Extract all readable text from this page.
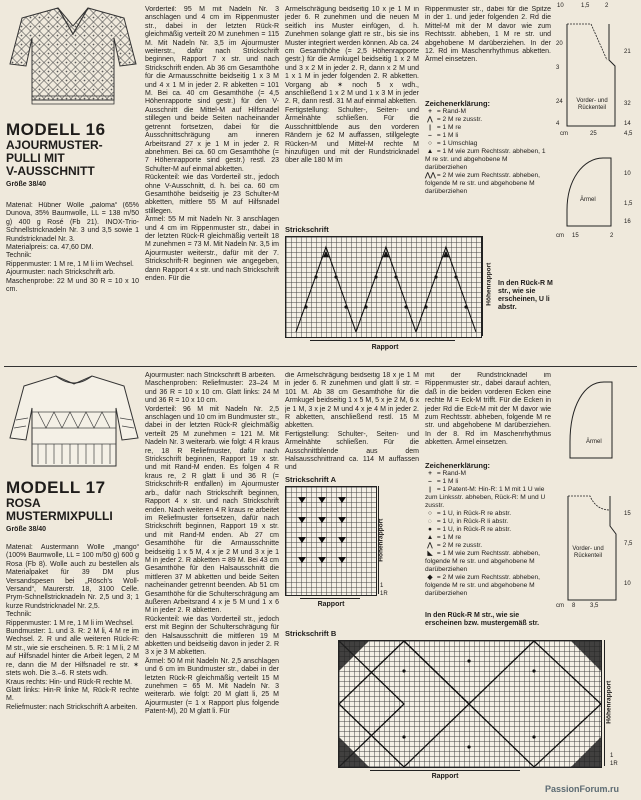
MODELL 16
AJOURMUSTER-
PULLI MIT
V-AUSSCHNITT
Größe 38/40
Material: Hübner Wolle „paloma“ (65% Dunova, 35% Baumwolle, LL = 138 m/50 g) 400 g Rosé (Fb 21). INOX-Trio-Schnellstricknadeln Nr. 3 und 3,5 sowie 1 Rundstricknadel Nr. 3.
Materialpreis: ca. 47,60 DM.
Technik:
Rippenmuster: 1 M re, 1 M li im Wechsel.
Ajourmuster: nach Strickschrift arb.
Maschenprobe: 22 M und 30 R = 10 x 10 cm.
Vorderteil: 95 M mit Nadeln Nr. 3 anschlagen und 4 cm im Rippenmuster str., dabei in der letzten Rück-R gleichmäßig verteilt 20 M zunehmen = 115 M. Mit Nadeln Nr. 3,5 im Ajourmuster weiterstr., dafür nach Strickschrift beginnen, Rapport 7 x str. und nach Strickschrift enden. Ab 36 cm Gesamthöhe für die Armausschnitte beidseitig 1 x 3 M und 4 x 1 M in jeder 2. R abketten = 101 M. Bei ca. 40 cm Gesamthöhe (= 4,5 Höhenrapporte sind gestr.) für den V-Ausschnitt die Mittel-M auf Hilfsnadel stillegen und beide Seiten nacheinander getrennt fortsetzen, dabei für die Ausschnittschrägung am inneren Arbeitsrand 27 x je 1 M in jeder 2. R abnehmen. Bei ca. 60 cm Gesamthöhe (= 7 Höhenrapporte sind gestr.) restl. 23 Schulter-M auf einmal abketten.
Rückenteil: wie das Vorderteil str., jedoch ohne V-Ausschnitt, d. h. bei ca. 60 cm Gesamthöhe beidseitig je 23 Schulter-M abketten, mittlere 55 M auf Hilfsnadel stillegen.
Ärmel: 55 M mit Nadeln Nr. 3 anschlagen und 4 cm im Rippenmuster str., dabei in der letzten Rück-R gleichmäßig verteilt 18 M zunehmen = 73 M. Mit Nadeln Nr. 3,5 im Ajourmuster weiterstr., dafür mit der 7. Strickschrift-R beginnen wie angegeben, dann Rapport 4 x str. und nach Strickschrift enden. Für die
Ärmelschrägung beidseitig 10 x je 1 M in jeder 6. R zunehmen und die neuen M seitlich ins Muster einfügen, d. h. Zunehmen solange glatt re str., bis sie ins Muster integriert werden können. Ab ca. 24 cm Gesamthöhe (= 2,5 Höhenrapporte gestr.) für die Armkugel beidseitig 1 x 2 M und 3 x 2 M in jeder 2. R, dann x 2 M und 1 x 1 M in jeder folgenden 2. R abketten. Vorgang ab ✶ noch 5 x wdh., anschließend 1 x 2 M und 1 x 3 M in jeder 2. R, dann restl. 31 M auf einmal abketten.
Fertigstellung: Schulter-, Seiten- und Ärmelnähte schließen. Für die Ausschnittblende aus den vorderen Rändern je 62 M auffassen, stillgelegte Rücken-M und Mittel-M rechte M hinzufügen und mit der Rundstricknadel über alle 180 M im
Rippenmuster str., dabei für die Spitze in der 1. und jeder folgenden 2. Rd die Mittel-M mit der M davor wie zum Rechtsstr. abheben, 1 M re str. und abgehobene M darüberziehen. In der 12. Rd im Maschenrhythmus abketten. Ärmel einsetzen.
Zeichenerklärung:
+ = Rand-M
⋀ = 2 M re zusstr.
| = 1 M re
– = 1 M li
○ = 1 Umschlag
▲ = 1 M wie zum Rechtsstr. abheben, 1 M re str. und abgehobene M darüberziehen
⋀⋀ = 2 M wie zum Rechtsstr. abheben, folgende M re str. und abgehobene M darüberziehen
Vorder- und Rückenteil
10	1,5	2
20
3
24
4
cm	25	4,5
21
32
14
Ärmel
cm 15	2
10
1,5
16
Strickschrift
Höhenrapport In den Rück-R M str., wie sie erscheinen, U li abstr.
Rapport
MODELL 17
ROSA
MUSTERMIXPULLI
Größe 38/40
Material: Austermann Wolle „mango“ (100% Baumwolle, LL = 100 m/50 g) 600 g Rosa (Fb 8). Wolle auch zu bestellen als Materialpaket für 39 DM plus Versandspesen bei „Rösch's Woll-Versand“, Maurerstr. 18, 3100 Celle. Prym-Schnellstricknadeln Nr. 2,5 und 3; 1 kurze Rundstricknadel Nr. 2,5.
Technik:
Rippenmuster: 1 M re, 1 M li im Wechsel.
Bundmuster: 1. und 3. R: 2 M li, 4 M re im Wechsel. 2. R und alle weiteren Rück-R: M str., wie sie erscheinen. 5. R: 1 M li, 2 M auf Hilfsnadel hinter die Arbeit legen, 2 M re, dann die M der Hilfsnadel re str. ✶ stets woh. Die 3.–6. R stets wdh.
Kraus rechts: Hin- und Rück-R rechte M.
Glatt links: Hin-R linke M, Rück-R rechte M.
Reliefmuster: nach Strickschrift A arbeiten.
Ajourmuster: nach Strickschrift B arbeiten.
Maschenproben: Reliefmuster: 23–24 M und 36 R = 10 x 10 cm. Glatt links: 24 M und 36 R = 10 x 10 cm.
Vorderteil: 96 M mit Nadeln Nr. 2,5 anschlagen und 10 cm im Bundmuster str., dabei in der letzten Rück-R gleichmäßig verteilt 25 M zunehmen = 121 M. Mit Nadeln Nr. 3 weiterarb. wie folgt: 4 R kraus re, 18 R Reliefmuster, dafür nach Strickschrift beginnen, Rapport 19 x str. und mit Rand-M enden. Es folgen 4 R kraus re, 2 R glatt li und 36 R (= Strickschrift-R entfallen) im Ajourmuster arb., dafür nach Strickschrift beginnen, Rapport 4 x str. und nach Strickschrift enden. Nach weiteren 4 R kraus re arbeitet im Reliefmuster fortsetzen, dafür nach Strickschrift beginnen, Rapport 19 x str. und mit Rand-M enden. Ab 27 cm Gesamthöhe für die Armausschnitte beidseitig 1 x 5 M, 4 x je 2 M und 3 x je 1 M in jeder 2. R abketten = 89 M. Bei 43 cm Gesamthöhe für den Halsausschnitt die mittleren 37 M abketten und beide Seiten nacheinander getrennt beenden. Ab 51 cm Gesamthöhe für die Schulterschrägung am äußeren Arbeitsrand 4 x je 5 M und 1 x 6 M in jeder 2. R abketten.
Rückenteil: wie das Vorderteil str., jedoch erst mit Beginn der Schulterschrägung für den Halsausschnitt die mittleren 19 M abketten und beidseitig davon in jeder 2. R 3 x je 3 M abketten.
Ärmel: 50 M mit Nadeln Nr. 2,5 anschlagen und 6 cm im Bundmuster str., dabei in der letzten Rück-R gleichmäßig verteilt 15 M zunehmen = 65 M. Mit Nadeln Nr. 3 weiterarb. wie folgt: 20 M glatt li, 25 M Ajourmuster (= 1 x Rapport plus folgende Patent-M), 20 M glatt li. Für
die Ärmelschrägung beidseitig 18 x je 1 M in jeder 6. R zunehmen und glatt li str. = 101 M. Ab 38 cm Gesamthöhe für die Armkugel beidseitig 1 x 5 M, 5 x je 2 M, 6 x je 1 M, 3 x je 2 M und 4 x je 4 M in jeder 2. R abketten, anschließend restl. 15 M abketten.
Fertigstellung: Schulter-, Seiten- und Ärmelnähte schließen. Für die Ausschnittblende aus dem Halsausschnittrand ca. 114 M auffassen und
mit der Rundstricknadel im Rippenmuster str., dabei darauf achten, daß in die beiden vorderen Ecken eine rechte M = Eck-M trifft. Für die Ecken in jeder Rd die Eck-M mit der M davor wie zum Rechtsstr. abheben, folgende M re str. und abgehobene M darüberziehen. In der 8. Rd im Maschenrhythmus abketten. Ärmel einsetzen.
Zeichenerklärung:
+ = Rand-M
– = 1 M li
| = 1 Patent-M: Hin-R: 1 M mit 1 U wie zum Linksstr. abheben, Rück-R: M und U zusstr.
○ = 1 U, in Rück-R re abstr.
◌ = 1 U, in Rück-R li abstr.
● = 1 U, in Rück-R re abstr.
▲ = 1 M re
⋀ = 2 M re zusstr.
◣ = 1 M wie zum Rechtsstr. abheben, folgende M re str. und abgehobene M darüberziehen
◆ = 2 M wie zum Rechtsstr. abheben, folgende M re str. und abgehobene M darüberziehen
Ärmel
Vorder- und Rückenteil
cm 8 3,5
15
7,5
10
Strickschrift A
Höhenrapport
1
1R
Rapport
In den Rück-R M str., wie sie erscheinen bzw. mustergemäß str.
Strickschrift B
Höhenrapport
1
1R
Rapport
PassionForum.ru
